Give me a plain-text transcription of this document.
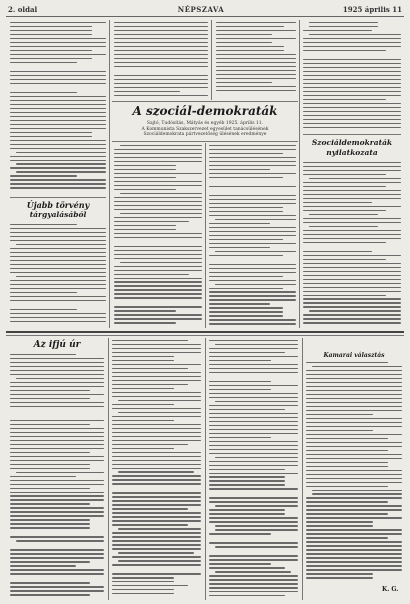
2. oldal	NÉPSZAVA	1925 április 11
Újabb törvény
tárgyalásából
A szociál-demokraták
Sajtó, Tudósítás, Mátyás és egyéb 1925. április 11.
A Kommunista Szakszervezet egyesület tanácsülésének
Szociáldemokrata pártvezetőség ülésének eredménye
Szociáldemokraták
nyilatkozata
Az ifjú úr
Kamarai választás
K. G.
